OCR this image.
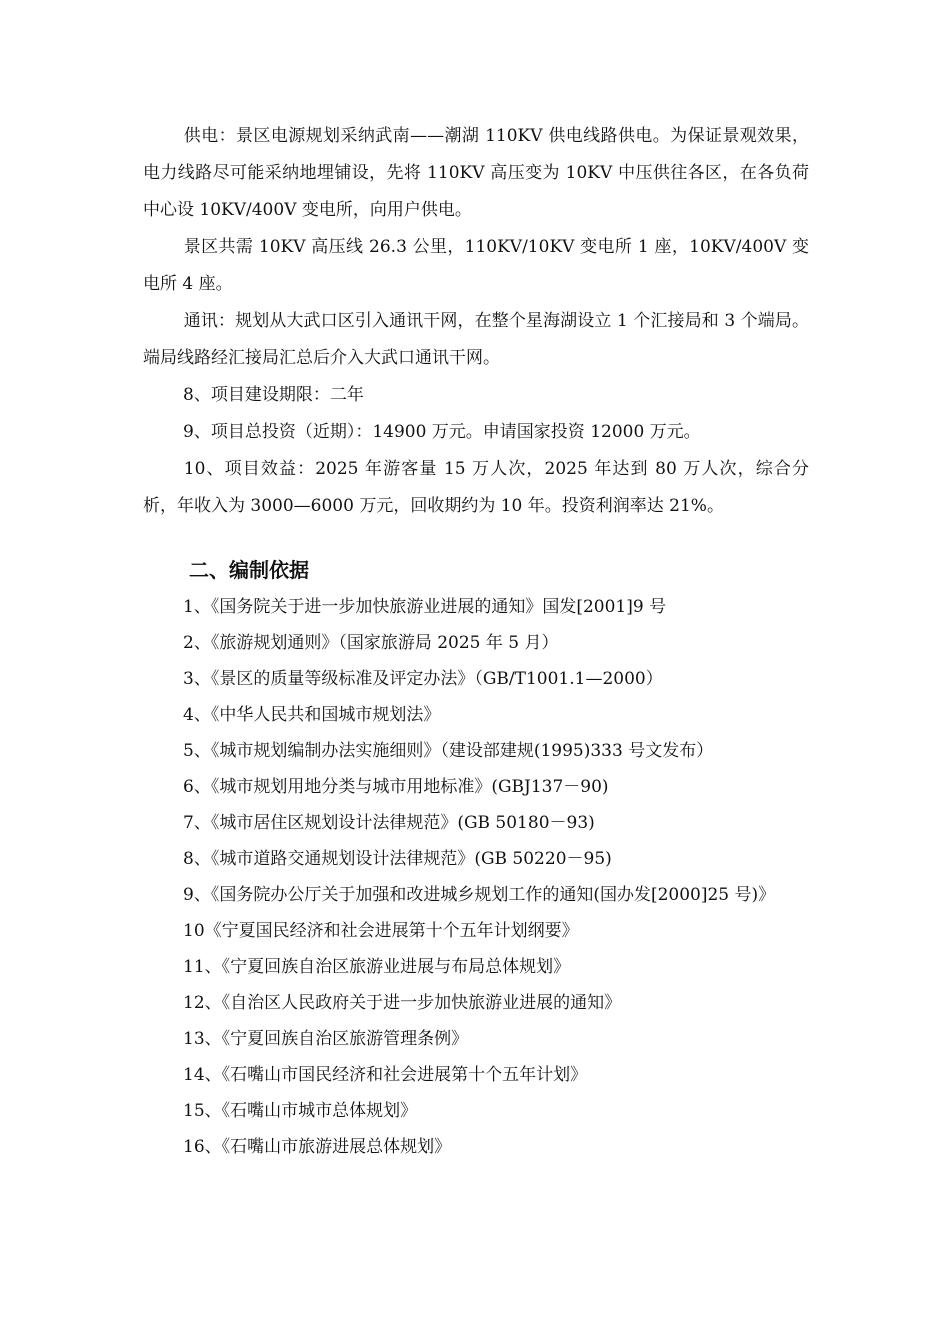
供电：景区电源规划采纳武南——潮湖 110KV 供电线路供电。为保证景观效果，电力线路尽可能采纳地埋铺设，先将 110KV 高压变为 10KV 中压供往各区，在各负荷中心设 10KV/400V 变电所，向用户供电。

景区共需 10KV 高压线 26.3 公里，110KV/10KV 变电所 1 座，10KV/400V 变电所 4 座。

通讯：规划从大武口区引入通讯干网，在整个星海湖设立 1 个汇接局和 3 个端局。端局线路经汇接局汇总后介入大武口通讯干网。

8、项目建设期限：二年

9、项目总投资（近期）：14900 万元。申请国家投资 12000 万元。

10、项目效益：2025 年游客量 15 万人次，2025 年达到 80 万人次，综合分析，年收入为 3000—6000 万元，回收期约为 10 年。投资利润率达 21%。

二、编制依据
1、《国务院关于进一步加快旅游业进展的通知》国发[2001]9 号
2、《旅游规划通则》（国家旅游局 2025 年 5 月）
3、《景区的质量等级标准及评定办法》（GB/T1001.1—2000）
4、《中华人民共和国城市规划法》
5、《城市规划编制办法实施细则》（建设部建规(1995)333 号文发布）
6、《城市规划用地分类与城市用地标准》(GBJ137－90)
7、《城市居住区规划设计法律规范》(GB 50180－93)
8、《城市道路交通规划设计法律规范》(GB 50220－95)
9、《国务院办公厅关于加强和改进城乡规划工作的通知(国办发[2000]25 号)》
10《宁夏国民经济和社会进展第十个五年计划纲要》
11、《宁夏回族自治区旅游业进展与布局总体规划》
12、《自治区人民政府关于进一步加快旅游业进展的通知》
13、《宁夏回族自治区旅游管理条例》
14、《石嘴山市国民经济和社会进展第十个五年计划》
15、《石嘴山市城市总体规划》
16、《石嘴山市旅游进展总体规划》
